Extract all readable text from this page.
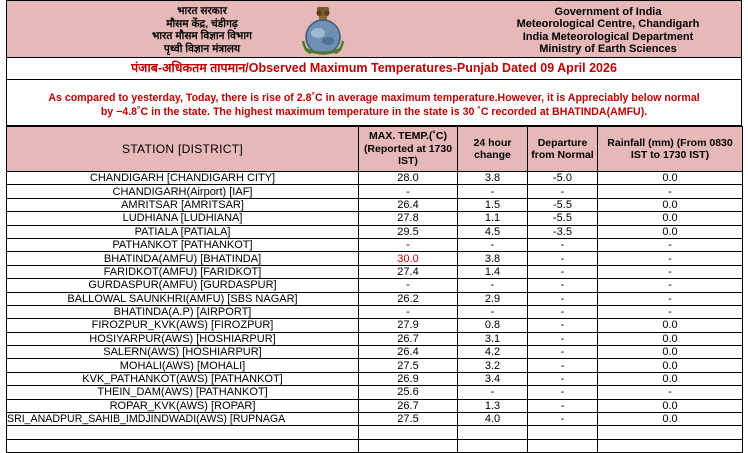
भारत सरकार
मौसम केंद्र, चंडीगढ़
भारत मौसम विज्ञान विभाग
पृथ्वी विज्ञान मंत्रालय
Government of India
Meteorological Centre, Chandigarh
India Meteorological Department
Ministry of Earth Sciences
पंजाब-अधिकतम तापमान/Observed Maximum Temperatures-Punjab Dated 09 April 2026
As compared to yesterday, Today, there is rise of 2.8˚C in average maximum temperature.However, it is Appreciably below normal
by −4.8˚C in the state. The highest maximum temperature in the state is 30 ˚C recorded at BHATINDA(AMFU).
STATION [DISTRICT]	MAX. TEMP.(˚C) (Reported at 1730 IST)	24 hour change	Departure from Normal	Rainfall (mm) (From 0830 IST to 1730 IST)
CHANDIGARH [CHANDIGARH CITY]	28.0	3.8	-5.0	0.0
CHANDIGARH(Airport) [IAF]	-	-	-	-
AMRITSAR [AMRITSAR]	26.4	1.5	-5.5	0.0
LUDHIANA [LUDHIANA]	27.8	1.1	-5.5	0.0
PATIALA [PATIALA]	29.5	4.5	-3.5	0.0
PATHANKOT [PATHANKOT]	-	-	-	-
BHATINDA(AMFU) [BHATINDA]	30.0	3.8	-	-
FARIDKOT(AMFU) [FARIDKOT]	27.4	1.4	-	-
GURDASPUR(AMFU) [GURDASPUR]	-	-	-	-
BALLOWAL SAUNKHRI(AMFU) [SBS NAGAR]	26.2	2.9	-	-
BHATINDA(A.P) [AIRPORT]	-	-	-	-
FIROZPUR_KVK(AWS) [FIROZPUR]	27.9	0.8	-	0.0
HOSIYARPUR(AWS) [HOSHIARPUR]	26.7	3.1	-	0.0
SALERN(AWS) [HOSHIARPUR]	26.4	4.2	-	0.0
MOHALI(AWS) [MOHALI]	27.5	3.2	-	0.0
KVK_PATHANKOT(AWS) [PATHANKOT]	26.9	3.4	-	0.0
THEIN_DAM(AWS) [PATHANKOT]	25.6	-	-	-
ROPAR_KVK(AWS) [ROPAR]	26.7	1.3	-	0.0
SRI_ANADPUR_SAHIB_IMDJINDWADI(AWS) [RUPNAGA	27.5	4.0	-	0.0
